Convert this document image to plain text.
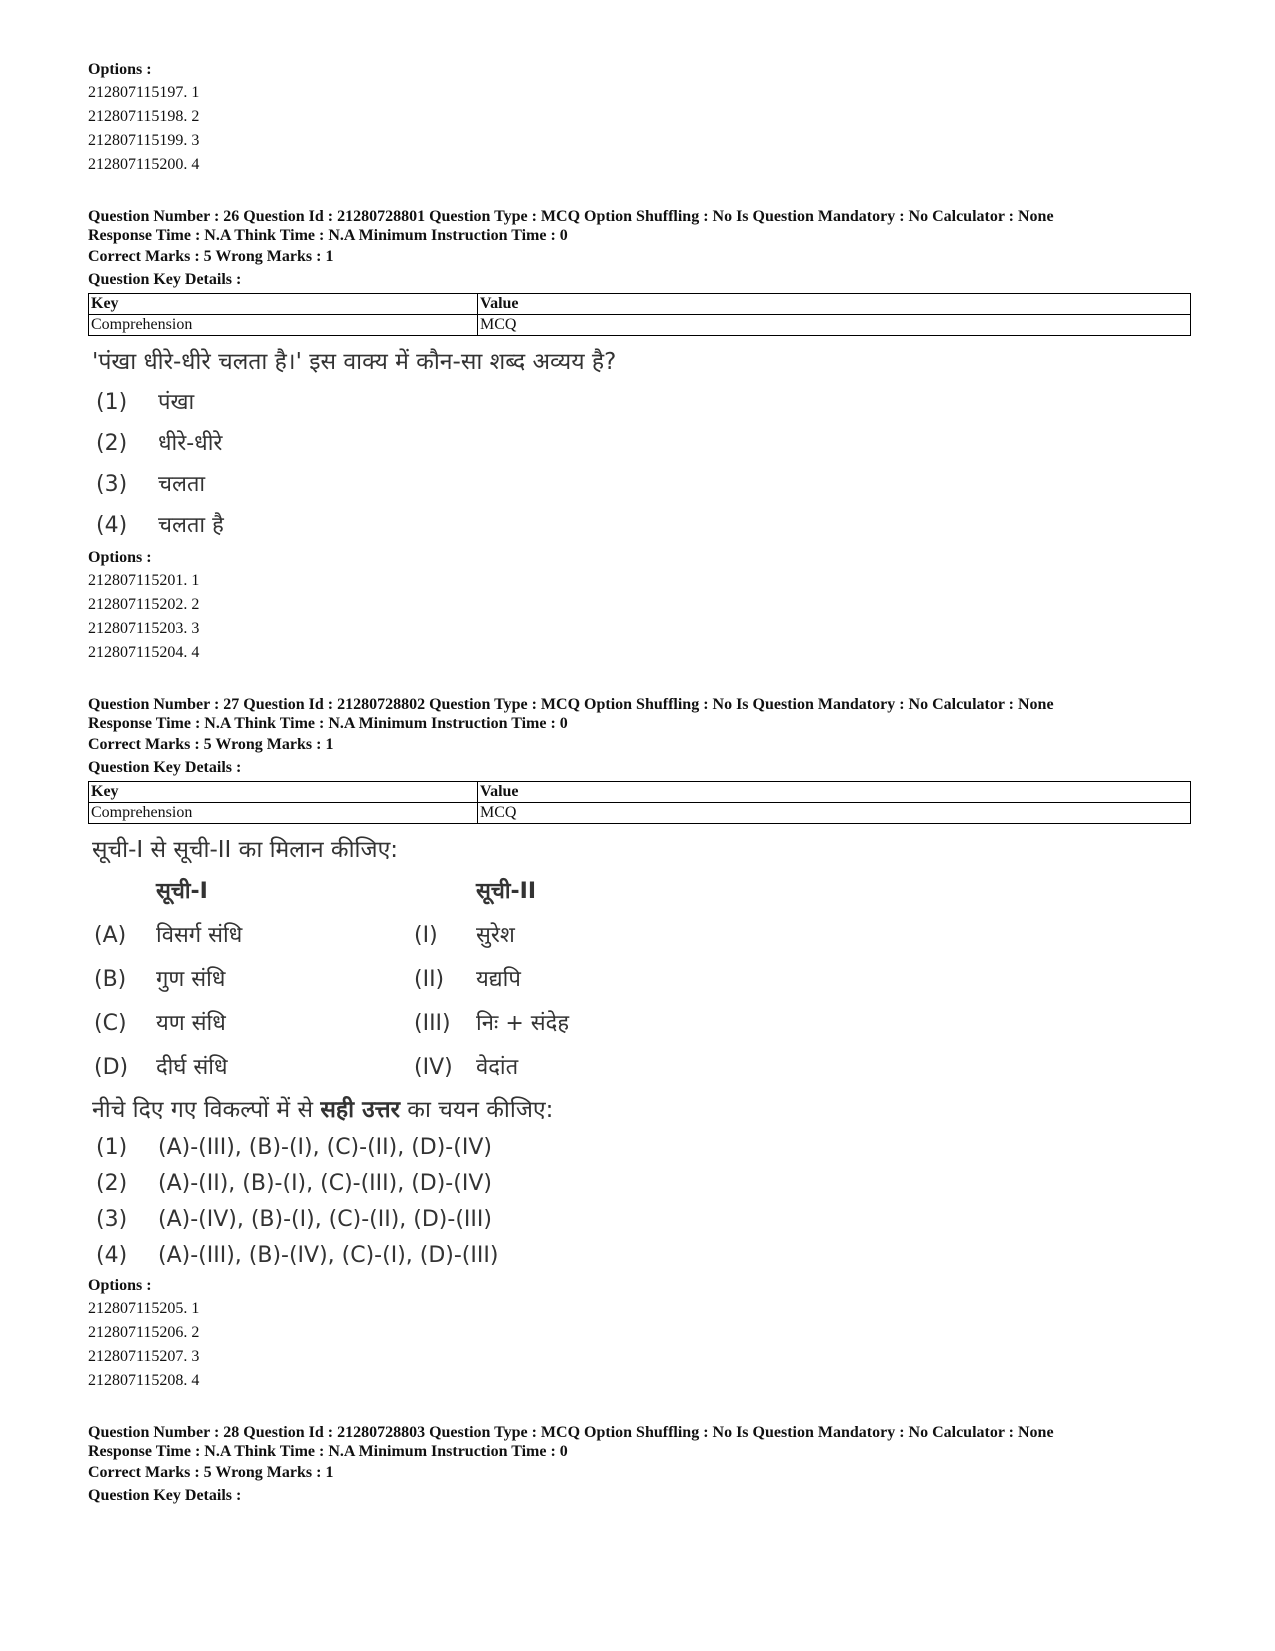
Options :
212807115197. 1
212807115198. 2
212807115199. 3
212807115200. 4
Question Number : 26 Question Id : 21280728801 Question Type : MCQ Option Shuffling : No Is Question Mandatory : No Calculator : None
Response Time : N.A Think Time : N.A Minimum Instruction Time : 0
Correct Marks : 5 Wrong Marks : 1
Question Key Details :
Key	Value
Comprehension	MCQ
'पंखा धीरे-धीरे चलता है।' इस वाक्य में कौन-सा शब्द अव्यय है?
(1)	पंखा
(2)	धीरे-धीरे
(3)	चलता
(4)	चलता है
Options :
212807115201. 1
212807115202. 2
212807115203. 3
212807115204. 4
Question Number : 27 Question Id : 21280728802 Question Type : MCQ Option Shuffling : No Is Question Mandatory : No Calculator : None
Response Time : N.A Think Time : N.A Minimum Instruction Time : 0
Correct Marks : 5 Wrong Marks : 1
Question Key Details :
Key	Value
Comprehension	MCQ
सूची-I से सूची-II का मिलान कीजिए:
सूची-I	सूची-II
(A)	विसर्ग संधि	(I)	सुरेश
(B)	गुण संधि	(II)	यद्यपि
(C)	यण संधि	(III)	निः + संदेह
(D)	दीर्घ संधि	(IV)	वेदांत
नीचे दिए गए विकल्पों में से सही उत्तर का चयन कीजिए:
(1)	(A)-(III), (B)-(I), (C)-(II), (D)-(IV)
(2)	(A)-(II), (B)-(I), (C)-(III), (D)-(IV)
(3)	(A)-(IV), (B)-(I), (C)-(II), (D)-(III)
(4)	(A)-(III), (B)-(IV), (C)-(I), (D)-(III)
Options :
212807115205. 1
212807115206. 2
212807115207. 3
212807115208. 4
Question Number : 28 Question Id : 21280728803 Question Type : MCQ Option Shuffling : No Is Question Mandatory : No Calculator : None
Response Time : N.A Think Time : N.A Minimum Instruction Time : 0
Correct Marks : 5 Wrong Marks : 1
Question Key Details :
